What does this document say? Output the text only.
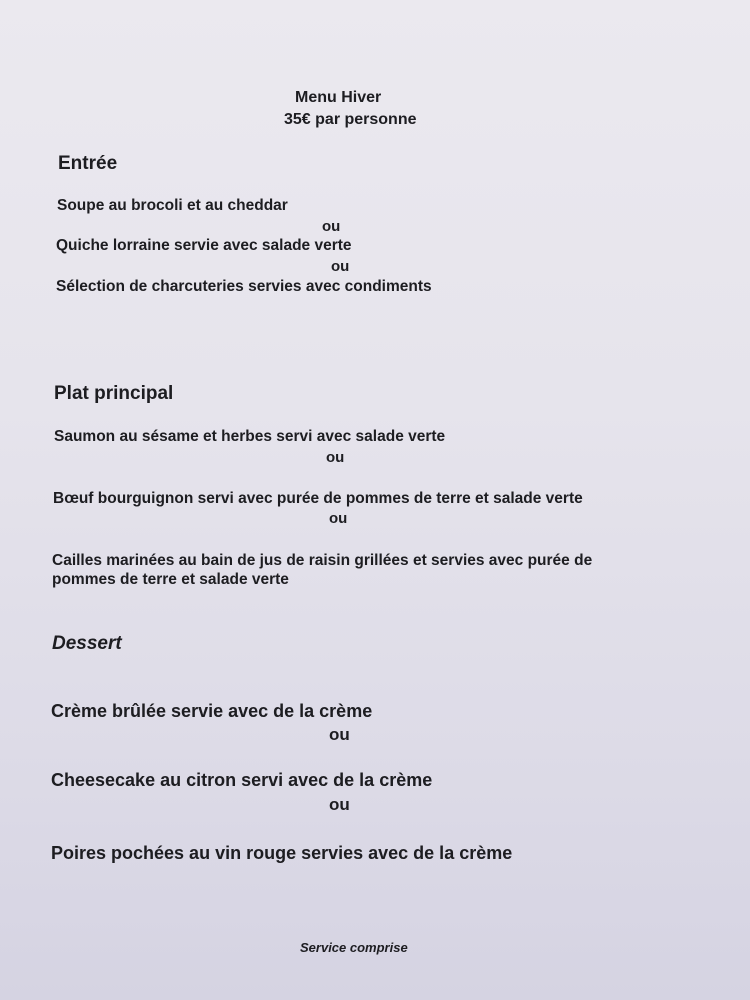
Menu Hiver
35€ par personne
Entrée
Soupe au brocoli et au cheddar
ou
Quiche lorraine servie avec salade verte
ou
Sélection de charcuteries servies avec condiments
Plat principal
Saumon au sésame et herbes servi avec salade verte
ou
Bœuf bourguignon servi avec purée de pommes de terre et salade verte
ou
Cailles marinées au bain de jus de raisin grillées et servies avec purée de
pommes de terre et salade verte
Dessert
Crème brûlée servie avec de la crème
ou
Cheesecake au citron servi avec de la crème
ou
Poires pochées au vin rouge servies avec de la crème
Service comprise
